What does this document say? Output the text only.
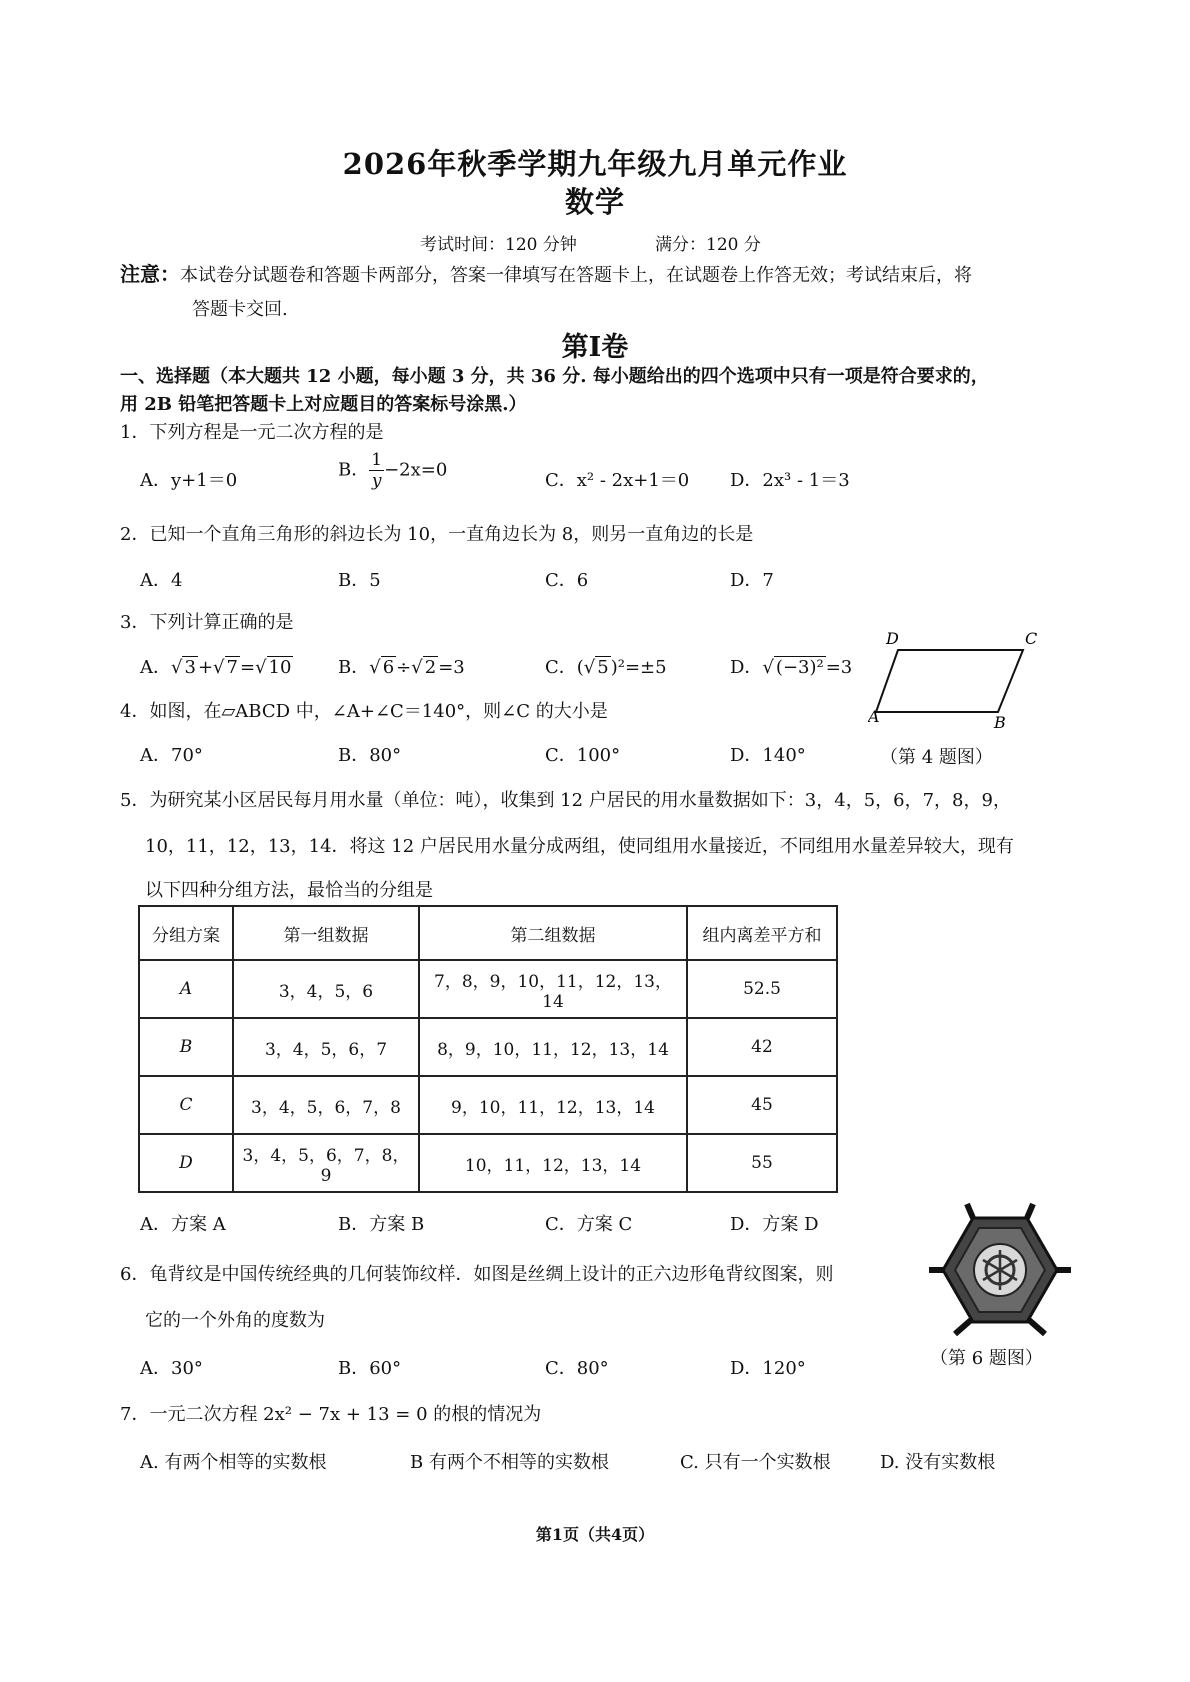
2026年秋季学期九年级九月单元作业
数学
考试时间：120 分钟	满分：120 分
注意：本试卷分试题卷和答题卡两部分，答案一律填写在答题卡上，在试题卷上作答无效；考试结束后，将
答题卡交回.
第I卷
一、选择题（本大题共 12 小题，每小题 3 分，共 36 分. 每小题给出的四个选项中只有一项是符合要求的，
用 2B 铅笔把答题卡上对应题目的答案标号涂黑.）
1．下列方程是一元二次方程的是
A．y+1＝0	B． $\frac{1}{y} -2x=0$	C．x² - 2x+1＝0 D．2x³ - 1＝3
2．已知一个直角三角形的斜边长为 10，一直角边长为 8，则另一直角边的长是
A．4	B．5	C．6	D．7
3．下列计算正确的是
A．√ 3 +√ 7 =√ 10	B．√ 6 ÷√ 2 =3	C．(√ 5 )²=±5	D．√ (−3)² =3
D	C
A	B
（第 4 题图）
4．如图，在▱ABCD 中，∠A+∠C＝140°，则∠C 的大小是
A．70°	B．80°	C．100°	D．140°
5．为研究某小区居民每月用水量（单位：吨），收集到 12 户居民的用水量数据如下：3，4，5，6，7，8，9，
10，11，12，13，14．将这 12 户居民用水量分成两组，使同组用水量接近，不同组用水量差异较大，现有
以下四种分组方法，最恰当的分组是
分组方案	第一组数据	第二组数据	组内离差平方和
A	3，4，5，6	7，8，9，10，11，12，13，14	52.5
B	3，4，5，6，7	8，9，10，11，12，13，14	42
C	3，4，5，6，7，8	9，10，11，12，13，14	45
D	3，4，5，6，7，8，9	10，11，12，13，14	55
A．方案 A	B．方案 B	C．方案 C	D．方案 D
（第 6 题图）
6．龟背纹是中国传统经典的几何装饰纹样．如图是丝绸上设计的正六边形龟背纹图案，则
它的一个外角的度数为
A．30°	B．60°	C．80°	D．120°
7．一元二次方程 2x² − 7x + 13 = 0 的根的情况为
A. 有两个相等的实数根	B 有两个不相等的实数根	C. 只有一个实数根	D. 没有实数根
第1页（共4页）
